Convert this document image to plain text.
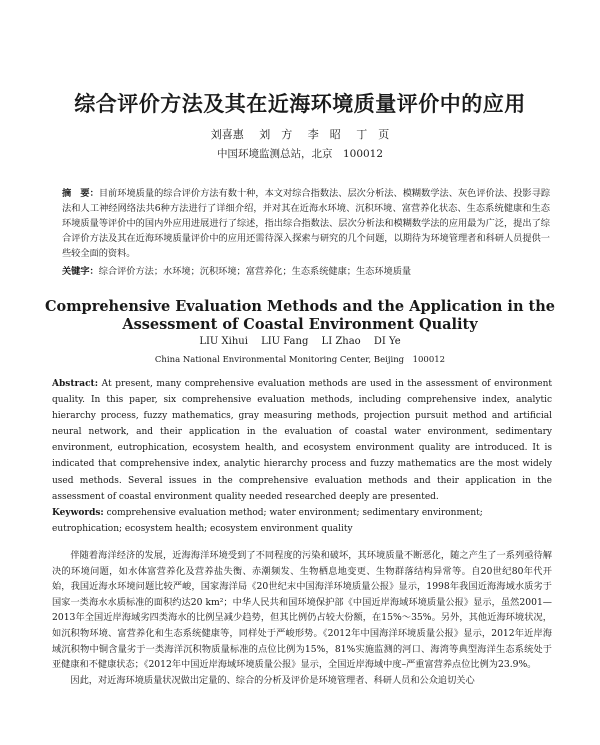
综合评价方法及其在近海环境质量评价中的应用
刘喜惠 刘　方 李　昭 丁　页
中国环境监测总站，北京　100012
摘　要：目前环境质量的综合评价方法有数十种，本文对综合指数法、层次分析法、模糊数学法、灰色评价法、投影寻踪法和人工神经网络法共6种方法进行了详细介绍，并对其在近海水环境、沉积环境、富营养化状态、生态系统健康和生态环境质量等评价中的国内外应用进展进行了综述，指出综合指数法、层次分析法和模糊数学法的应用最为广泛，提出了综合评价方法及其在近海环境质量评价中的应用还需待深入探索与研究的几个问题，以期待为环境管理者和科研人员提供一些较全面的资料。
关键字：综合评价方法；水环境；沉积环境；富营养化；生态系统健康；生态环境质量
Comprehensive Evaluation Methods and the Application in the
Assessment of Coastal Environment Quality
LIU Xihui LIU Fang LI Zhao DI Ye
China National Environmental Monitoring Center, Beijing　100012
Abstract: At present, many comprehensive evaluation methods are used in the assessment of environment quality. In this paper, six comprehensive evaluation methods, including comprehensive index, analytic hierarchy process, fuzzy mathematics, gray measuring methods, projection pursuit method and artificial neural network, and their application in the evaluation of coastal water environment, sedimentary environment, eutrophication, ecosystem health, and ecosystem environment quality are introduced. It is indicated that comprehensive index, analytic hierarchy process and fuzzy mathematics are the most widely used methods. Several issues in the comprehensive evaluation methods and their application in the assessment of coastal environment quality needed researched deeply are presented.
Keywords: comprehensive evaluation method; water environment; sedimentary environment; eutrophication; ecosystem health; ecosystem environment quality

伴随着海洋经济的发展，近海海洋环境受到了不同程度的污染和破坏，其环境质量不断恶化，随之产生了一系列亟待解决的环境问题，如水体富营养化及营养盐失衡、赤潮频发、生物栖息地变更、生物群落结构异常等。自20世纪80年代开始，我国近海水环境问题比较严峻，国家海洋局《20世纪末中国海洋环境质量公报》显示，1998年我国近海海域水质劣于国家一类海水水质标准的面积约达20 km²；中华人民共和国环境保护部《中国近岸海域环境质量公报》显示，虽然2001—2013年全国近岸海域劣四类海水的比例呈减少趋势，但其比例仍占较大份额，在15%～35%。另外，其他近海环境状况，如沉积物环境、富营养化和生态系统健康等，同样处于严峻形势。《2012年中国海洋环境质量公报》显示，2012年近岸海域沉积物中铜含量劣于一类海洋沉积物质量标准的点位比例为15%，81%实施监测的河口、海湾等典型海洋生态系统处于亚健康和不健康状态；《2012年中国近岸海域环境质量公报》显示，全国近岸海域中度–严重富营养点位比例为23.9%。

因此，对近海环境质量状况做出定量的、综合的分析及评价是环境管理者、科研人员和公众追切关心
